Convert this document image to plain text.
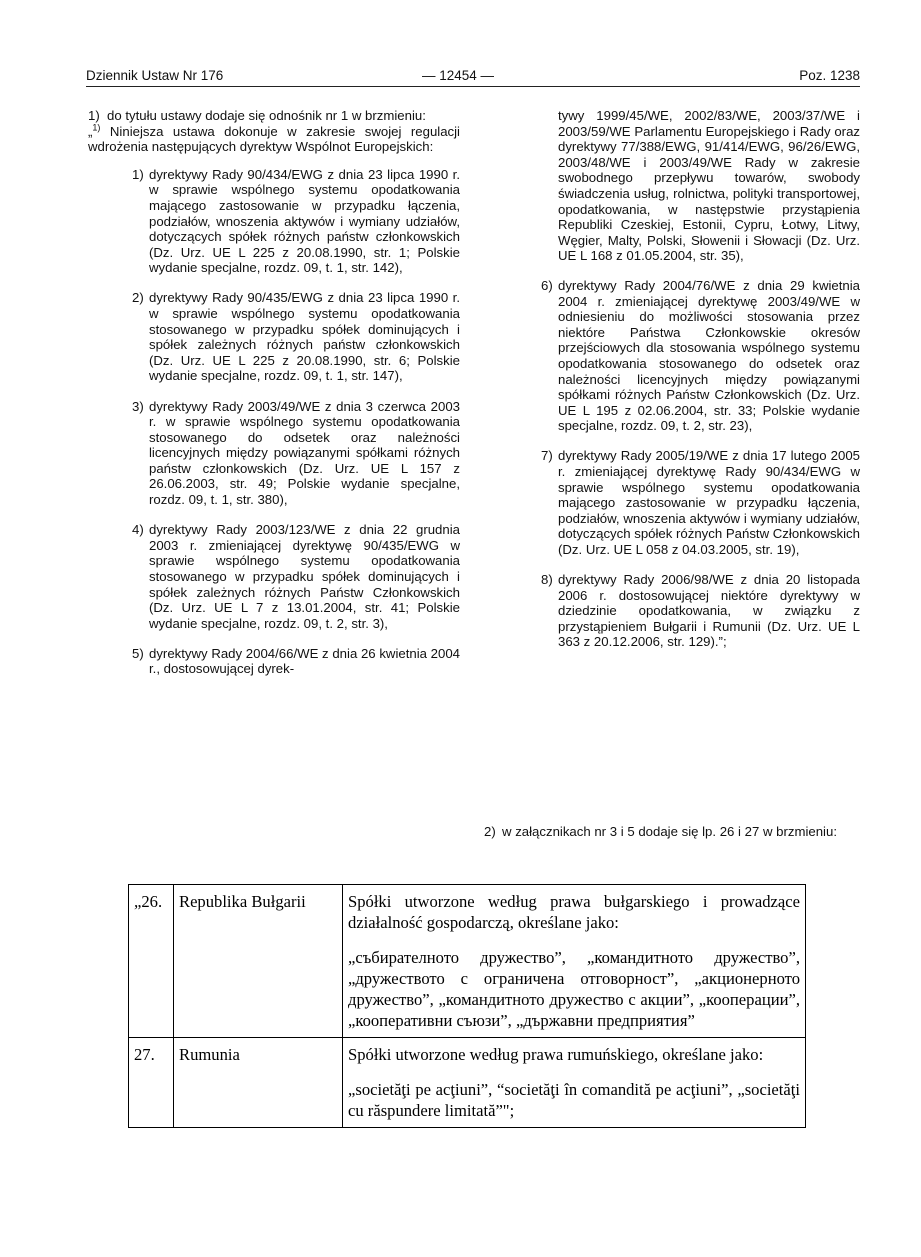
Dziennik Ustaw Nr 176	— 12454 —	Poz. 1238
1) do tytułu ustawy dodaje się odnośnik nr 1 w brzmieniu:

„$^{1)}$ Niniejsza ustawa dokonuje w zakresie swojej regulacji wdrożenia następujących dyrektyw Wspólnot Europejskich:

1) dyrektywy Rady 90/434/EWG z dnia 23 lipca 1990 r. w sprawie wspólnego systemu opodatkowania mającego zastosowanie w przypadku łączenia, podziałów, wnoszenia aktywów i wymiany udziałów, dotyczących spółek różnych państw członkowskich (Dz. Urz. UE L 225 z 20.08.1990, str. 1; Polskie wydanie specjalne, rozdz. 09, t. 1, str. 142),
2) dyrektywy Rady 90/435/EWG z dnia 23 lipca 1990 r. w sprawie wspólnego systemu opodatkowania stosowanego w przypadku spółek dominujących i spółek zależnych różnych państw członkowskich (Dz. Urz. UE L 225 z 20.08.1990, str. 6; Polskie wydanie specjalne, rozdz. 09, t. 1, str. 147),
3) dyrektywy Rady 2003/49/WE z dnia 3 czerwca 2003 r. w sprawie wspólnego systemu opodatkowania stosowanego do odsetek oraz należności licencyjnych między powiązanymi spółkami różnych państw członkowskich (Dz. Urz. UE L 157 z 26.06.2003, str. 49; Polskie wydanie specjalne, rozdz. 09, t. 1, str. 380),
4) dyrektywy Rady 2003/123/WE z dnia 22 grudnia 2003 r. zmieniającej dyrektywę 90/435/EWG w sprawie wspólnego systemu opodatkowania stosowanego w przypadku spółek dominujących i spółek zależnych różnych Państw Członkowskich (Dz. Urz. UE L 7 z 13.01.2004, str. 41; Polskie wydanie specjalne, rozdz. 09, t. 2, str. 3),
5) dyrektywy Rady 2004/66/WE z dnia 26 kwietnia 2004 r., dostosowującej dyrek-

tywy 1999/45/WE, 2002/83/WE, 2003/37/WE i 2003/59/WE Parlamentu Europejskiego i Rady oraz dyrektywy 77/388/EWG, 91/414/EWG, 96/26/EWG, 2003/48/WE i 2003/49/WE Rady w zakresie swobodnego przepływu towarów, swobody świadczenia usług, rolnictwa, polityki transportowej, opodatkowania, w następstwie przystąpienia Republiki Czeskiej, Estonii, Cypru, Łotwy, Litwy, Węgier, Malty, Polski, Słowenii i Słowacji (Dz. Urz. UE L 168 z 01.05.2004, str. 35),

6) dyrektywy Rady 2004/76/WE z dnia 29 kwietnia 2004 r. zmieniającej dyrektywę 2003/49/WE w odniesieniu do możliwości stosowania przez niektóre Państwa Członkowskie okresów przejściowych dla stosowania wspólnego systemu opodatkowania stosowanego do odsetek oraz należności licencyjnych między powiązanymi spółkami różnych Państw Członkowskich (Dz. Urz. UE L 195 z 02.06.2004, str. 33; Polskie wydanie specjalne, rozdz. 09, t. 2, str. 23),
7) dyrektywy Rady 2005/19/WE z dnia 17 lutego 2005 r. zmieniającej dyrektywę Rady 90/434/EWG w sprawie wspólnego systemu opodatkowania mającego zastosowanie w przypadku łączenia, podziałów, wnoszenia aktywów i wymiany udziałów, dotyczących spółek różnych Państw Członkowskich (Dz. Urz. UE L 058 z 04.03.2005, str. 19),
8) dyrektywy Rady 2006/98/WE z dnia 20 listopada 2006 r. dostosowującej niektóre dyrektywy w dziedzinie opodatkowania, w związku z przystąpieniem Bułgarii i Rumunii (Dz. Urz. UE L 363 z 20.12.2006, str. 129).”;
2) w załącznikach nr 3 i 5 dodaje się lp. 26 i 27 w brzmieniu:
„26.	Republika Bułgarii	Spółki utworzone według prawa bułgarskiego i prowadzące działalność gospodarczą, określane jako:

„събирателното дружество”, „командитното дружество”, „дружеството с ограничена отговорност”, „акционерното дружество”, „командитното дружество с акции”, „кооперации”, „кооперативни съюзи”, „държавни предприятия”

27.	Rumunia	Spółki utworzone według prawa rumuńskiego, określane jako:

„societăţi pe acţiuni”, “societăţi în comandită pe acţiuni”, „societăţi cu răspundere limitată”";
